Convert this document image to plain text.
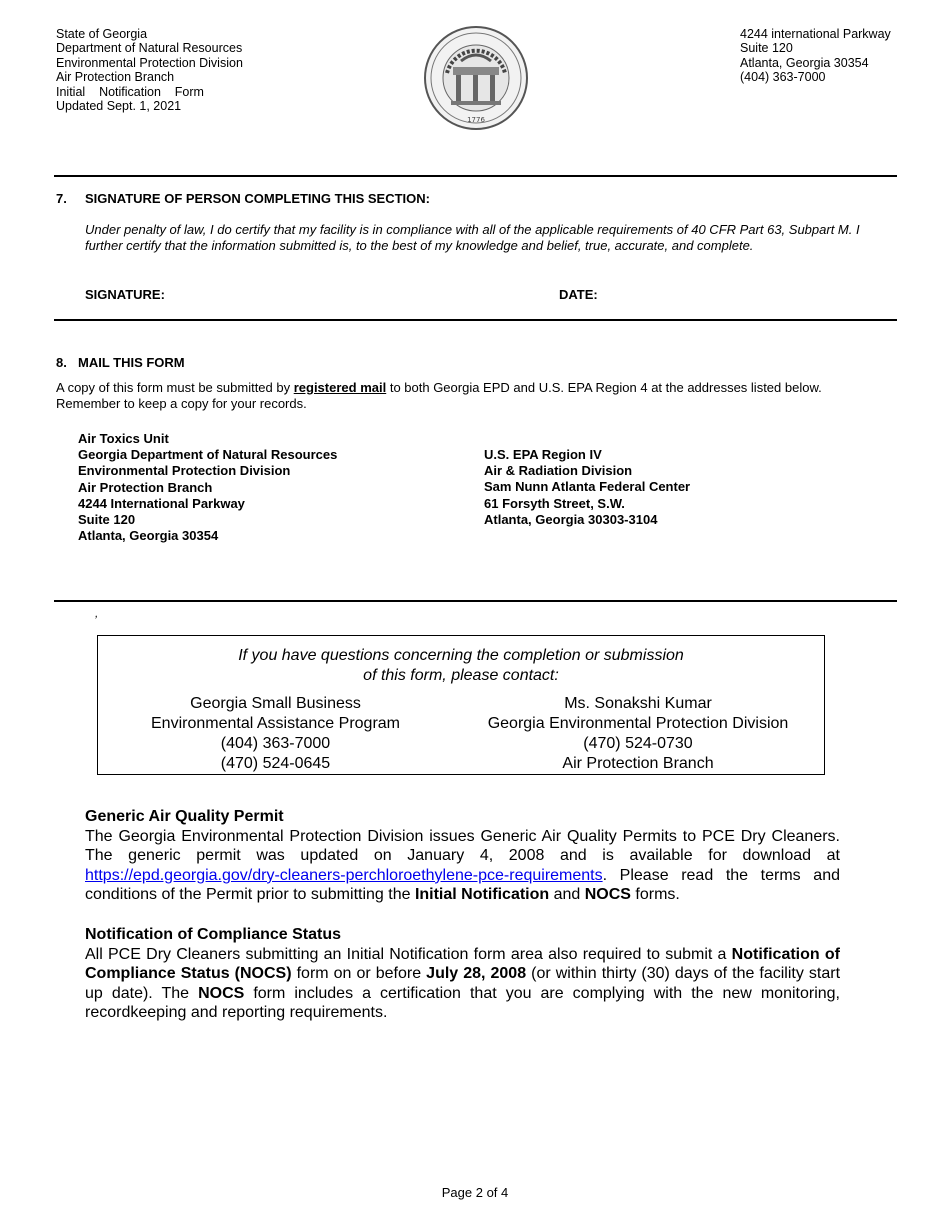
State of Georgia
Department of Natural Resources
Environmental Protection Division
Air Protection Branch
Initial    Notification    Form
Updated Sept. 1, 2021
1776
4244 international Parkway
Suite 120
Atlanta, Georgia 30354
(404) 363-7000
7. SIGNATURE OF PERSON COMPLETING THIS SECTION:
Under penalty of law, I do certify that my facility is in compliance with all of the applicable requirements of 40 CFR Part 63, Subpart M. I further certify that the information submitted is, to the best of my knowledge and belief, true, accurate, and complete.
SIGNATURE:	DATE:
8. MAIL THIS FORM
A copy of this form must be submitted by registered mail to both Georgia EPD and U.S. EPA Region 4 at the addresses listed below.
Remember to keep a copy for your records.
Air Toxics Unit
Georgia Department of Natural Resources
Environmental Protection Division
Air Protection Branch
4244 International Parkway
Suite 120
Atlanta, Georgia 30354
U.S. EPA Region IV
Air & Radiation Division
Sam Nunn Atlanta Federal Center
61 Forsyth Street, S.W.
Atlanta, Georgia 30303-3104
,
If you have questions concerning the completion or submission
of this form, please contact:
Georgia Small Business
Environmental Assistance Program
(404) 363-7000
(470) 524-0645
Ms. Sonakshi Kumar
Georgia Environmental Protection Division
(470) 524-0730
Air Protection Branch
Generic Air Quality Permit
The Georgia Environmental Protection Division issues Generic Air Quality Permits to PCE Dry Cleaners. The generic permit was updated on January 4, 2008 and is available for download at https://epd.georgia.gov/dry-cleaners-perchloroethylene-pce-requirements. Please read the terms and conditions of the Permit prior to submitting the Initial Notification and NOCS forms.
Notification of Compliance Status
All PCE Dry Cleaners submitting an Initial Notification form area also required to submit a Notification of Compliance Status (NOCS) form on or before July 28, 2008 (or within thirty (30) days of the facility start up date). The NOCS form includes a certification that you are complying with the new monitoring, recordkeeping and reporting requirements.
Page 2 of 4
